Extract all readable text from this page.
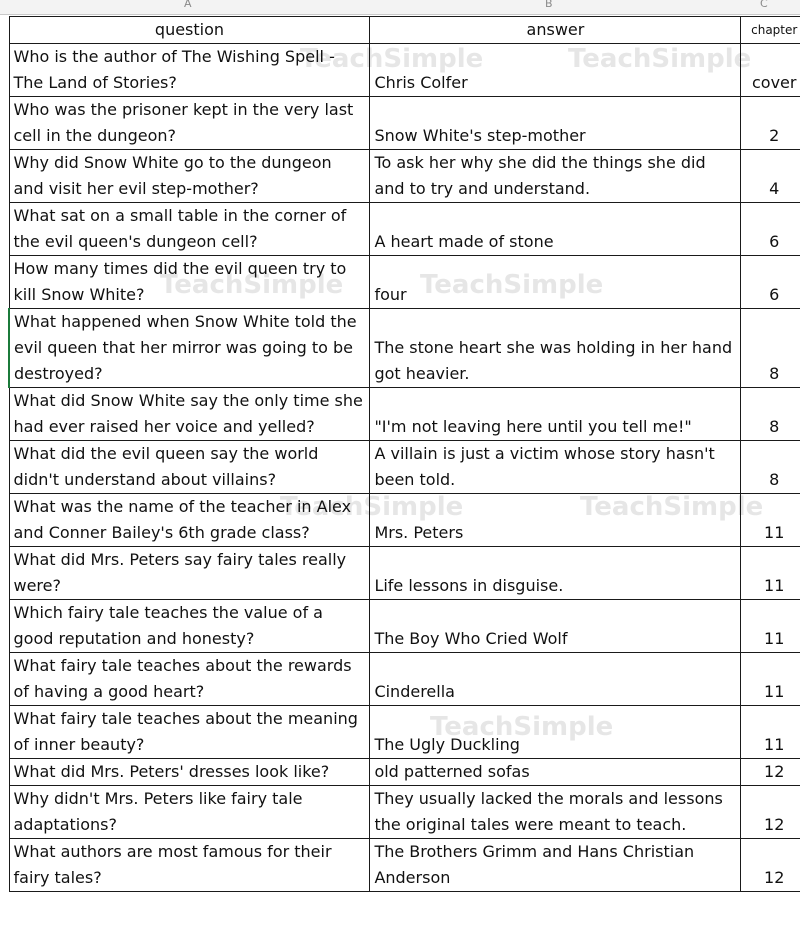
A	B	C
TeachSimple	TeachSimple
TeachSimple
TeachSimple
TeachSimple	TeachSimple
TeachSimple
question	answer	chapter
Who is the author of The Wishing Spell - The Land of Stories?	Chris Colfer	cover
Who was the prisoner kept in the very last cell in the dungeon?	Snow White's step-mother	2
Why did Snow White go to the dungeon and visit her evil step-mother?	To ask her why she did the things she did and to try and understand.	4
What sat on a small table in the corner of the evil queen's dungeon cell?	A heart made of stone	6
How many times did the evil queen try to kill Snow White?	four	6
What happened when Snow White told the evil queen that her mirror was going to be destroyed?	The stone heart she was holding in her hand got heavier.	8
What did Snow White say the only time she had ever raised her voice and yelled?	"I'm not leaving here until you tell me!"	8
What did the evil queen say the world didn't understand about villains?	A villain is just a victim whose story hasn't been told.	8
What was the name of the teacher in Alex and Conner Bailey's 6th grade class?	Mrs. Peters	11
What did Mrs. Peters say fairy tales really were?	Life lessons in disguise.	11
Which fairy tale teaches the value of a good reputation and honesty?	The Boy Who Cried Wolf	11
What fairy tale teaches about the rewards of having a good heart?	Cinderella	11
What fairy tale teaches about the meaning of inner beauty?	The Ugly Duckling	11
What did Mrs. Peters' dresses look like?	old patterned sofas	12
Why didn't Mrs. Peters like fairy tale adaptations?	They usually lacked the morals and lessons the original tales were meant to teach.	12
What authors are most famous for their fairy tales?	The Brothers Grimm and Hans Christian Anderson	12
